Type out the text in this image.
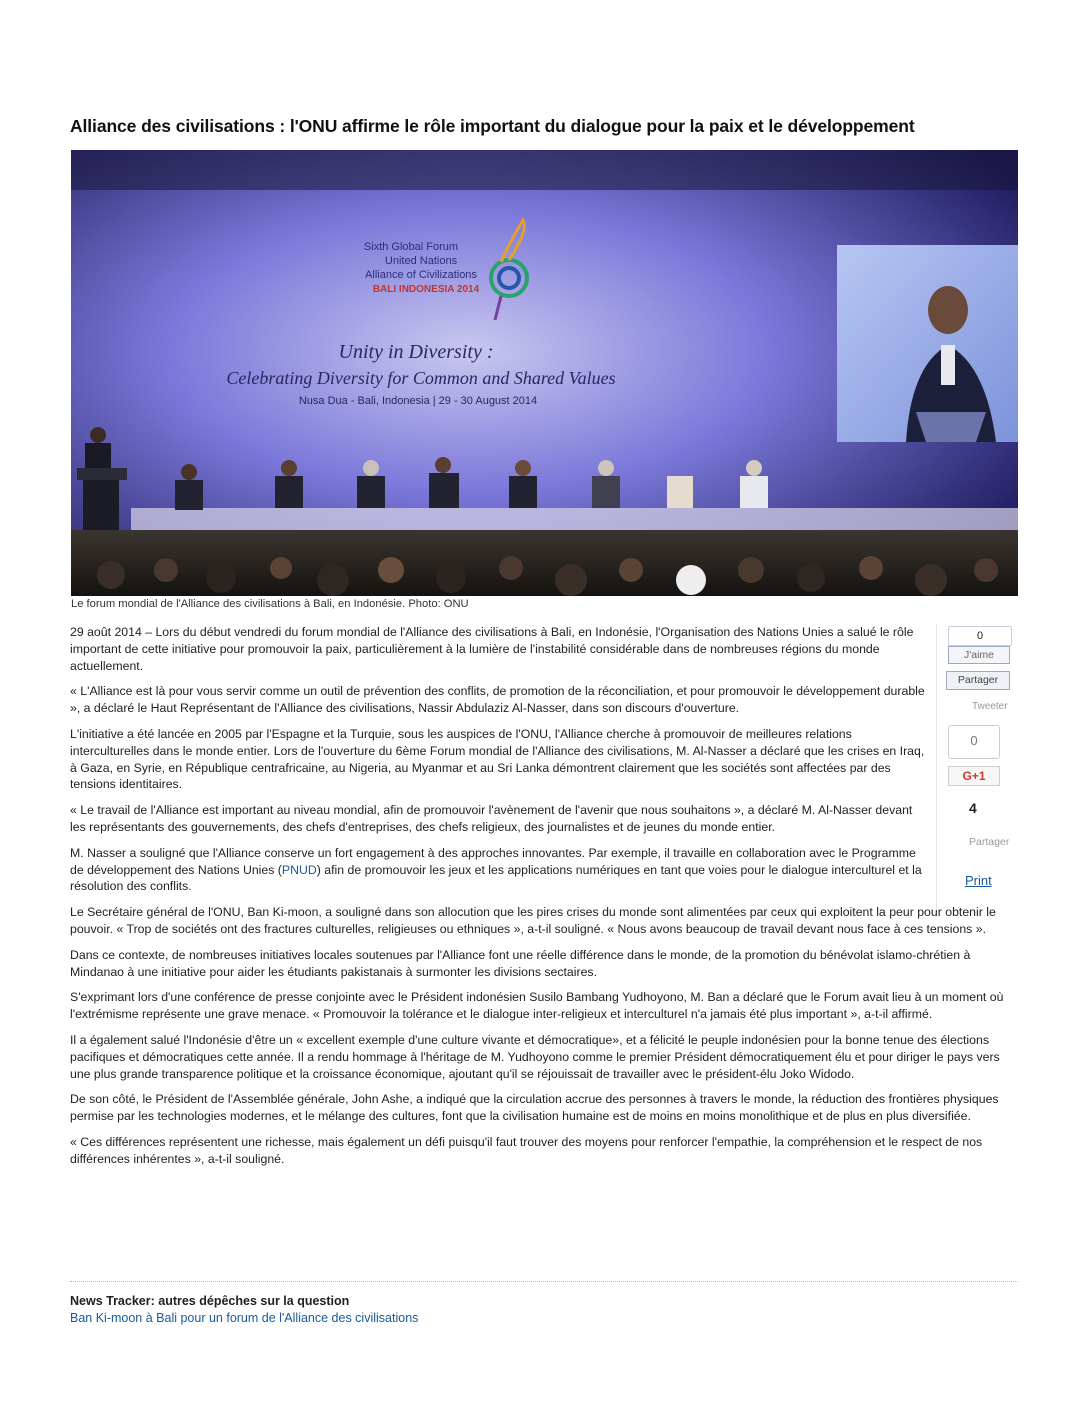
Alliance des civilisations : l'ONU affirme le rôle important du dialogue pour la paix et le développement
Sixth Global Forum
United Nations
Alliance of Civilizations
BALI INDONESIA 2014
Unity in Diversity :
Celebrating Diversity for Common and Shared Values
Nusa Dua - Bali, Indonesia | 29 - 30 August 2014

Le forum mondial de l'Alliance des civilisations à Bali, en Indonésie. Photo: ONU

29 août 2014 – Lors du début vendredi du forum mondial de l'Alliance des civilisations à Bali, en Indonésie, l'Organisation des Nations Unies a salué le rôle important de cette initiative pour promouvoir la paix, particulièrement à la lumière de l'instabilité considérable dans de nombreuses régions du monde actuellement.

« L'Alliance est là pour vous servir comme un outil de prévention des conflits, de promotion de la réconciliation, et pour promouvoir le développement durable », a déclaré le Haut Représentant de l'Alliance des civilisations, Nassir Abdulaziz Al-Nasser, dans son discours d'ouverture.

L'initiative a été lancée en 2005 par l'Espagne et la Turquie, sous les auspices de l'ONU, l'Alliance cherche à promouvoir de meilleures relations interculturelles dans le monde entier. Lors de l'ouverture du 6ème Forum mondial de l'Alliance des civilisations, M. Al-Nasser a déclaré que les crises en Iraq, à Gaza, en Syrie, en République centrafricaine, au Nigeria, au Myanmar et au Sri Lanka démontrent clairement que les sociétés sont affectées par des tensions identitaires.

« Le travail de l'Alliance est important au niveau mondial, afin de promouvoir l'avènement de l'avenir que nous souhaitons », a déclaré M. Al-Nasser devant les représentants des gouvernements, des chefs d'entreprises, des chefs religieux, des journalistes et de jeunes du monde entier.

M. Nasser a souligné que l'Alliance conserve un fort engagement à des approches innovantes. Par exemple, il travaille en collaboration avec le Programme de développement des Nations Unies (PNUD) afin de promouvoir les jeux et les applications numériques en tant que voies pour le dialogue interculturel et la résolution des conflits.

Le Secrétaire général de l'ONU, Ban Ki-moon, a souligné dans son allocution que les pires crises du monde sont alimentées par ceux qui exploitent la peur pour obtenir le pouvoir. « Trop de sociétés ont des fractures culturelles, religieuses ou ethniques », a-t-il souligné. « Nous avons beaucoup de travail devant nous face à ces tensions ».

Dans ce contexte, de nombreuses initiatives locales soutenues par l'Alliance font une réelle différence dans le monde, de la promotion du bénévolat islamo-chrétien à Mindanao à une initiative pour aider les étudiants pakistanais à surmonter les divisions sectaires.

S'exprimant lors d'une conférence de presse conjointe avec le Président indonésien Susilo Bambang Yudhoyono, M. Ban a déclaré que le Forum avait lieu à un moment où l'extrémisme représente une grave menace. « Promouvoir la tolérance et le dialogue inter-religieux et interculturel n'a jamais été plus important », a-t-il affirmé.

Il a également salué l'Indonésie d'être un « excellent exemple d'une culture vivante et démocratique», et a félicité le peuple indonésien pour la bonne tenue des élections pacifiques et démocratiques cette année. Il a rendu hommage à l'héritage de M. Yudhoyono comme le premier Président démocratiquement élu et pour diriger le pays vers une plus grande transparence politique et la croissance économique, ajoutant qu'il se réjouissait de travailler avec le président-élu Joko Widodo.

De son côté, le Président de l'Assemblée générale, John Ashe, a indiqué que la circulation accrue des personnes à travers le monde, la réduction des frontières physiques permise par les technologies modernes, et le mélange des cultures, font que la civilisation humaine est de moins en moins monolithique et de plus en plus diversifiée.

« Ces différences représentent une richesse, mais également un défi puisqu'il faut trouver des moyens pour renforcer l'empathie, la compréhension et le respect de nos différences inhérentes », a-t-il souligné.

0
J'aime
Partager
Tweeter
0
G+1
4
Partager
Print

News Tracker: autres dépêches sur la question

Ban Ki-moon à Bali pour un forum de l'Alliance des civilisations
